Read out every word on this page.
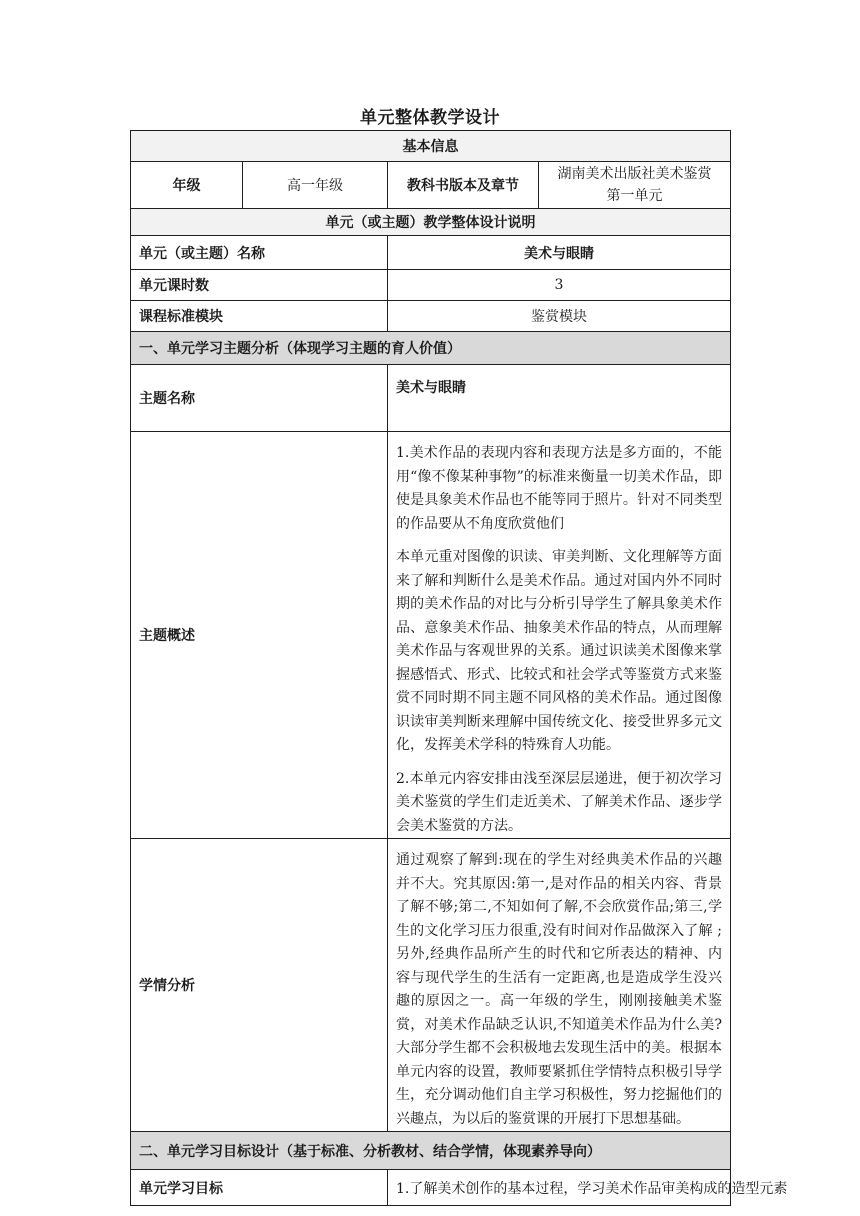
单元整体教学设计
基本信息			
年级	高一年级	教科书版本及章节	湖南美术出版社美术鉴赏
第一单元

单元（或主题）教学整体设计说明			
单元（或主题）名称		美术与眼睛	
单元课时数		3	
课程标准模块		鉴赏模块	
一、单元学习主题分析（体现学习主题的育人价值）			
主题名称		美术与眼睛	
主题概述		1.美术作品的表现内容和表现方法是多方面的，不能用“像不像某种事物”的标准来衡量一切美术作品，即使是具象美术作品也不能等同于照片。针对不同类型的作品要从不角度欣赏他们

本单元重对图像的识读、审美判断、文化理解等方面来了解和判断什么是美术作品。通过对国内外不同时期的美术作品的对比与分析引导学生了解具象美术作品、意象美术作品、抽象美术作品的特点，从而理解美术作品与客观世界的关系。通过识读美术图像来掌握感悟式、形式、比较式和社会学式等鉴赏方式来鉴赏不同时期不同主题不同风格的美术作品。通过图像识读审美判断来理解中国传统文化、接受世界多元文化，发挥美术学科的特殊育人功能。

2.本单元内容安排由浅至深层层递进，便于初次学习美术鉴赏的学生们走近美术、了解美术作品、逐步学会美术鉴赏的方法。	

学情分析		通过观察了解到:现在的学生对经典美术作品的兴趣并不大。究其原因:第一,是对作品的相关内容、背景了解不够;第二,不知如何了解,不会欣赏作品;第三,学生的文化学习压力很重,没有时间对作品做深入了解 ;另外,经典作品所产生的时代和它所表达的精神、内容与现代学生的生活有一定距离,也是造成学生没兴趣的原因之一。高一年级的学生，刚刚接触美术鉴赏，对美术作品缺乏认识,不知道美术作品为什么美?大部分学生都不会积极地去发现生活中的美。根据本单元内容的设置，教师要紧抓住学情特点积极引导学生，充分调动他们自主学习积极性，努力挖掘他们的兴趣点，为以后的鉴赏课的开展打下思想基础。	

二、单元学习目标设计（基于标准、分析教材、结合学情，体现素养导向）			
单元学习目标		1.了解美术创作的基本过程，学习美术作品审美构成的造型元素	
